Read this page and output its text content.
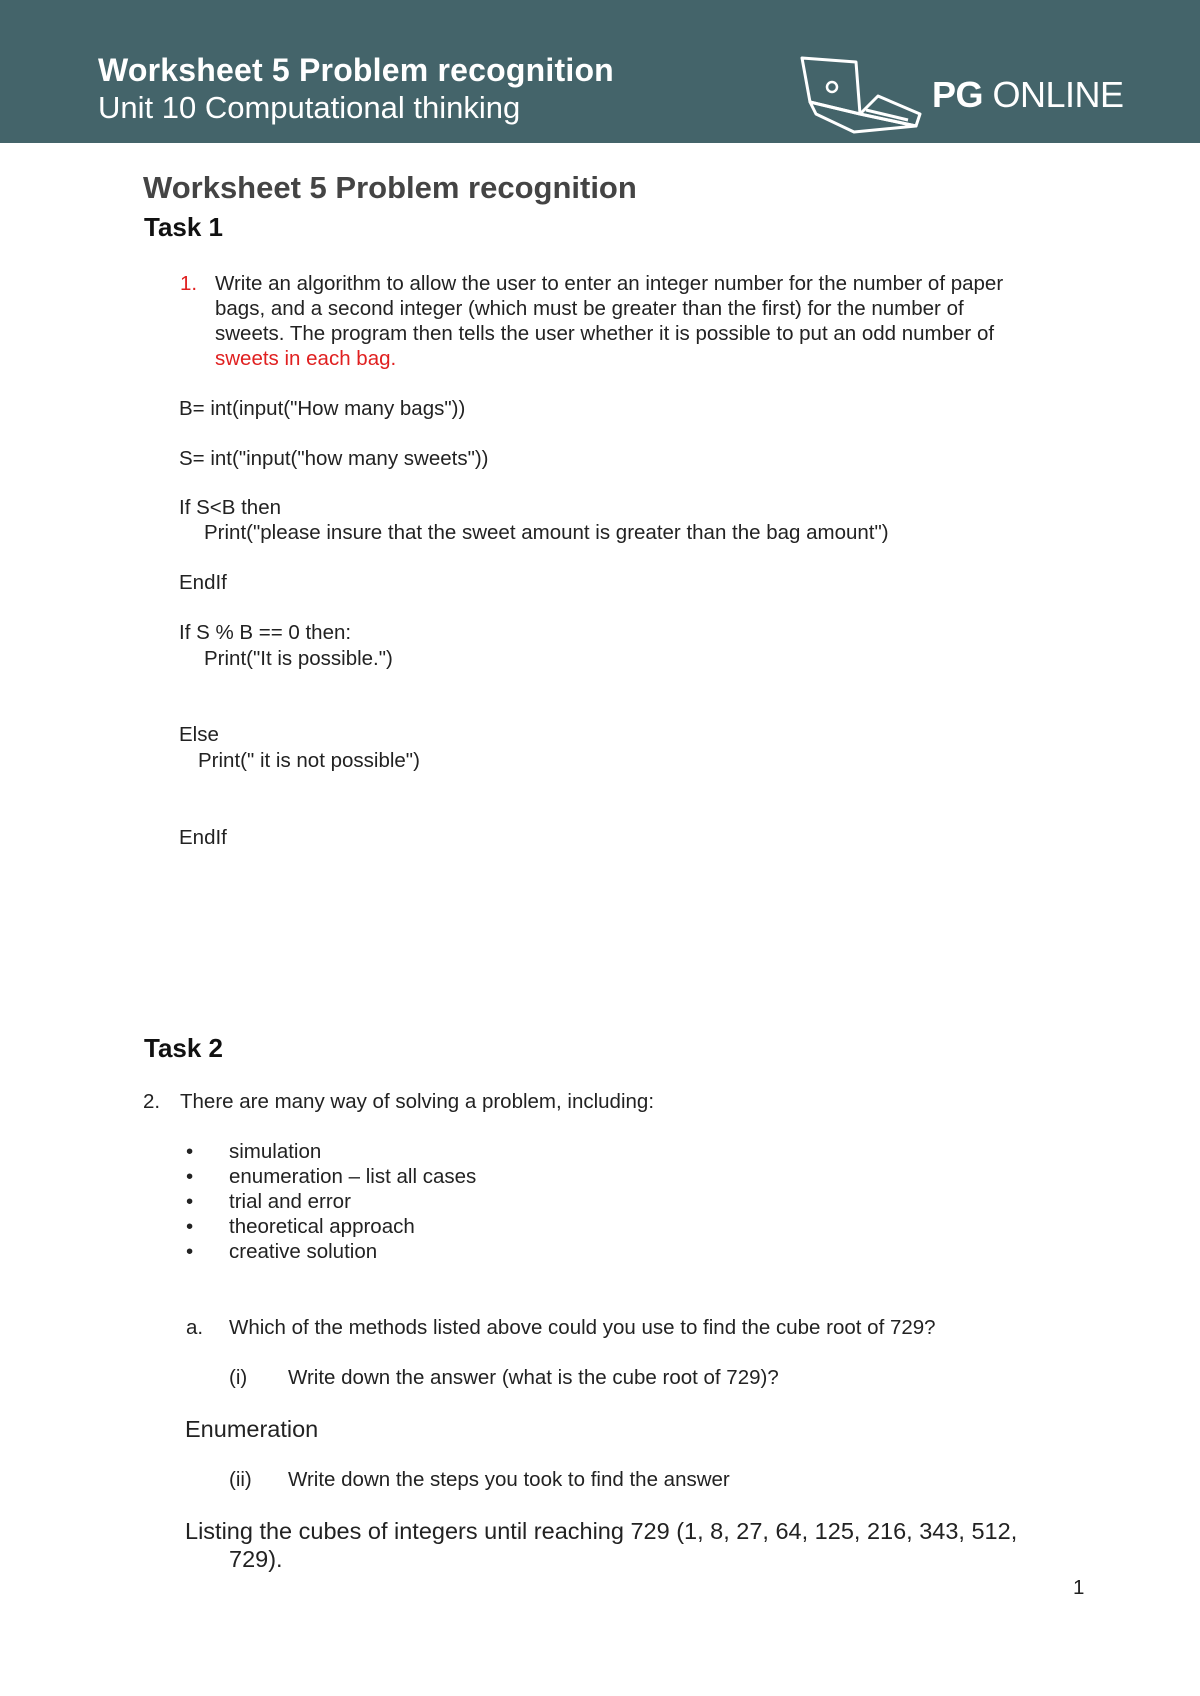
Worksheet 5 Problem recognition
Unit 10 Computational thinking	PG ONLINE
Worksheet 5 Problem recognition
Task 1
1. Write an algorithm to allow the user to enter an integer number for the number of paper
bags, and a second integer (which must be greater than the first) for the number of
sweets. The program then tells the user whether it is possible to put an odd number of
sweets in each bag.
B= int(input("How many bags"))
S= int("input("how many sweets"))
If S<B then
Print("please insure that the sweet amount is greater than the bag amount")
EndIf
If S % B == 0 then:
Print("It is possible.")
Else
Print(" it is not possible")
EndIf
Task 2
2. There are many way of solving a problem, including:
• simulation
• enumeration – list all cases
• trial and error
• theoretical approach
• creative solution
a. Which of the methods listed above could you use to find the cube root of 729?
(i) Write down the answer (what is the cube root of 729)?
Enumeration
(ii) Write down the steps you took to find the answer
Listing the cubes of integers until reaching 729 (1, 8, 27, 64, 125, 216, 343, 512,
729).
1
